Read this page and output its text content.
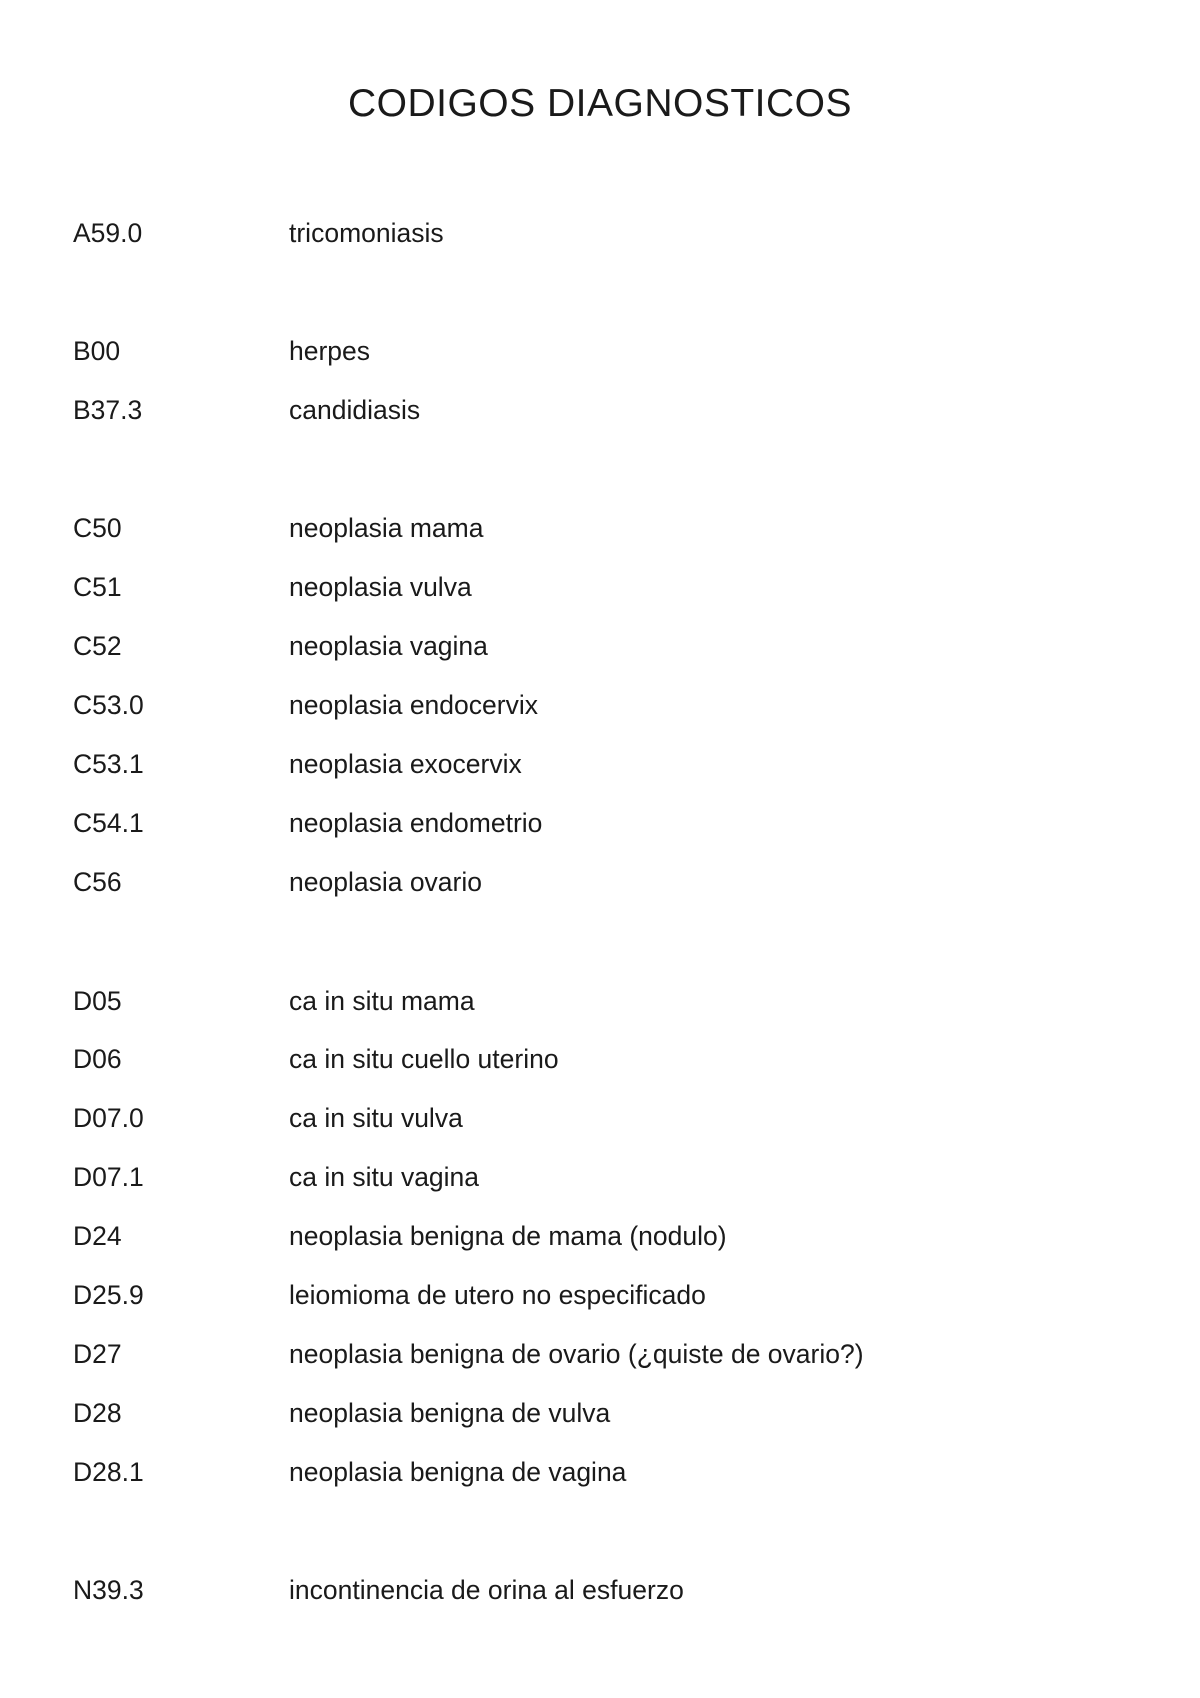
CODIGOS DIAGNOSTICOS
A59.0	tricomoniasis
B00	herpes
B37.3	candidiasis
C50	neoplasia mama
C51	neoplasia vulva
C52	neoplasia vagina
C53.0	neoplasia endocervix
C53.1	neoplasia exocervix
C54.1	neoplasia endometrio
C56	neoplasia ovario
D05	ca in situ mama
D06	ca in situ cuello uterino
D07.0	ca in situ vulva
D07.1	ca in situ vagina
D24	neoplasia benigna de mama (nodulo)
D25.9	leiomioma de utero no especificado
D27	neoplasia benigna de ovario (¿quiste de ovario?)
D28	neoplasia benigna de vulva
D28.1	neoplasia benigna de vagina
N39.3	incontinencia de orina al esfuerzo
